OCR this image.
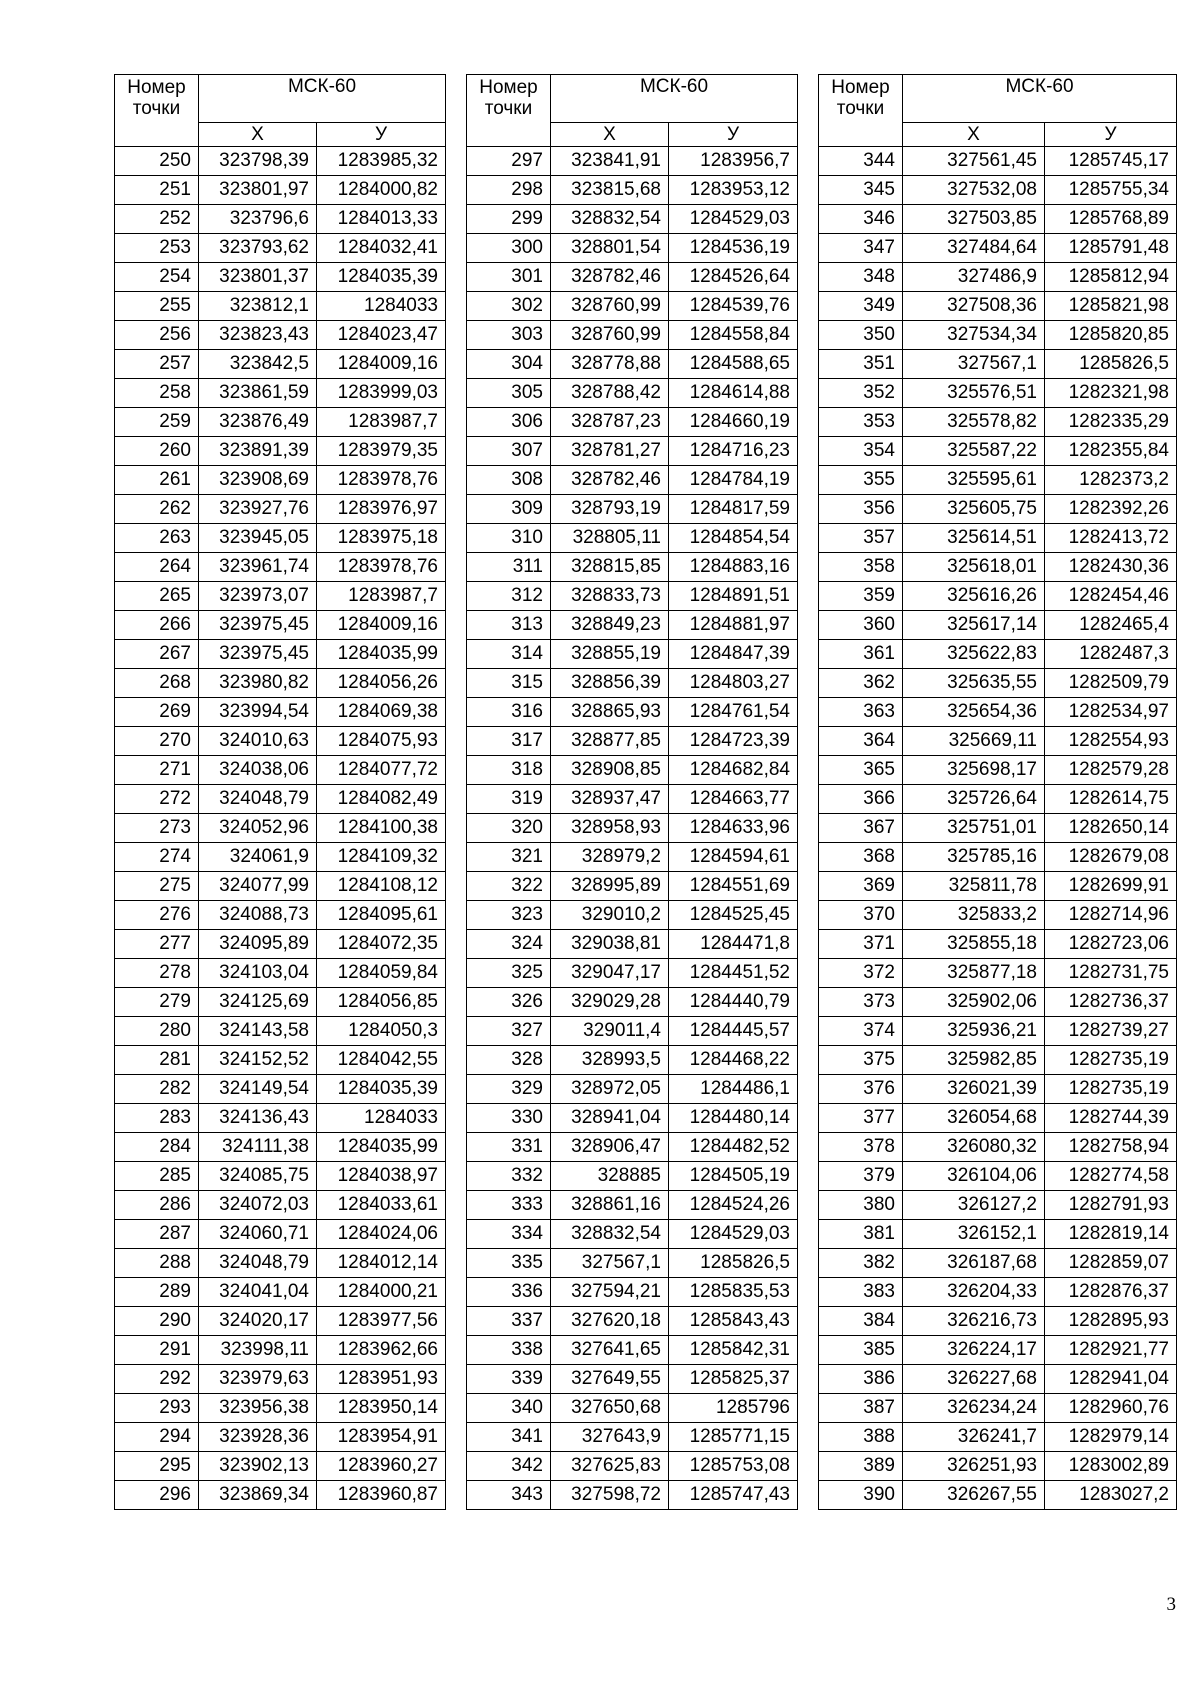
Номер точки	МСК-60	
	Х	У
250	323798,39	1283985,32
251	323801,97	1284000,82
252	323796,6	1284013,33
253	323793,62	1284032,41
254	323801,37	1284035,39
255	323812,1	1284033
256	323823,43	1284023,47
257	323842,5	1284009,16
258	323861,59	1283999,03
259	323876,49	1283987,7
260	323891,39	1283979,35
261	323908,69	1283978,76
262	323927,76	1283976,97
263	323945,05	1283975,18
264	323961,74	1283978,76
265	323973,07	1283987,7
266	323975,45	1284009,16
267	323975,45	1284035,99
268	323980,82	1284056,26
269	323994,54	1284069,38
270	324010,63	1284075,93
271	324038,06	1284077,72
272	324048,79	1284082,49
273	324052,96	1284100,38
274	324061,9	1284109,32
275	324077,99	1284108,12
276	324088,73	1284095,61
277	324095,89	1284072,35
278	324103,04	1284059,84
279	324125,69	1284056,85
280	324143,58	1284050,3
281	324152,52	1284042,55
282	324149,54	1284035,39
283	324136,43	1284033
284	324111,38	1284035,99
285	324085,75	1284038,97
286	324072,03	1284033,61
287	324060,71	1284024,06
288	324048,79	1284012,14
289	324041,04	1284000,21
290	324020,17	1283977,56
291	323998,11	1283962,66
292	323979,63	1283951,93
293	323956,38	1283950,14
294	323928,36	1283954,91
295	323902,13	1283960,27
296	323869,34	1283960,87
Номер точки	МСК-60	
	Х	У
297	323841,91	1283956,7
298	323815,68	1283953,12
299	328832,54	1284529,03
300	328801,54	1284536,19
301	328782,46	1284526,64
302	328760,99	1284539,76
303	328760,99	1284558,84
304	328778,88	1284588,65
305	328788,42	1284614,88
306	328787,23	1284660,19
307	328781,27	1284716,23
308	328782,46	1284784,19
309	328793,19	1284817,59
310	328805,11	1284854,54
311	328815,85	1284883,16
312	328833,73	1284891,51
313	328849,23	1284881,97
314	328855,19	1284847,39
315	328856,39	1284803,27
316	328865,93	1284761,54
317	328877,85	1284723,39
318	328908,85	1284682,84
319	328937,47	1284663,77
320	328958,93	1284633,96
321	328979,2	1284594,61
322	328995,89	1284551,69
323	329010,2	1284525,45
324	329038,81	1284471,8
325	329047,17	1284451,52
326	329029,28	1284440,79
327	329011,4	1284445,57
328	328993,5	1284468,22
329	328972,05	1284486,1
330	328941,04	1284480,14
331	328906,47	1284482,52
332	328885	1284505,19
333	328861,16	1284524,26
334	328832,54	1284529,03
335	327567,1	1285826,5
336	327594,21	1285835,53
337	327620,18	1285843,43
338	327641,65	1285842,31
339	327649,55	1285825,37
340	327650,68	1285796
341	327643,9	1285771,15
342	327625,83	1285753,08
343	327598,72	1285747,43
Номер точки	МСК-60	
	Х	У
344	327561,45	1285745,17
345	327532,08	1285755,34
346	327503,85	1285768,89
347	327484,64	1285791,48
348	327486,9	1285812,94
349	327508,36	1285821,98
350	327534,34	1285820,85
351	327567,1	1285826,5
352	325576,51	1282321,98
353	325578,82	1282335,29
354	325587,22	1282355,84
355	325595,61	1282373,2
356	325605,75	1282392,26
357	325614,51	1282413,72
358	325618,01	1282430,36
359	325616,26	1282454,46
360	325617,14	1282465,4
361	325622,83	1282487,3
362	325635,55	1282509,79
363	325654,36	1282534,97
364	325669,11	1282554,93
365	325698,17	1282579,28
366	325726,64	1282614,75
367	325751,01	1282650,14
368	325785,16	1282679,08
369	325811,78	1282699,91
370	325833,2	1282714,96
371	325855,18	1282723,06
372	325877,18	1282731,75
373	325902,06	1282736,37
374	325936,21	1282739,27
375	325982,85	1282735,19
376	326021,39	1282735,19
377	326054,68	1282744,39
378	326080,32	1282758,94
379	326104,06	1282774,58
380	326127,2	1282791,93
381	326152,1	1282819,14
382	326187,68	1282859,07
383	326204,33	1282876,37
384	326216,73	1282895,93
385	326224,17	1282921,77
386	326227,68	1282941,04
387	326234,24	1282960,76
388	326241,7	1282979,14
389	326251,93	1283002,89
390	326267,55	1283027,2
3
